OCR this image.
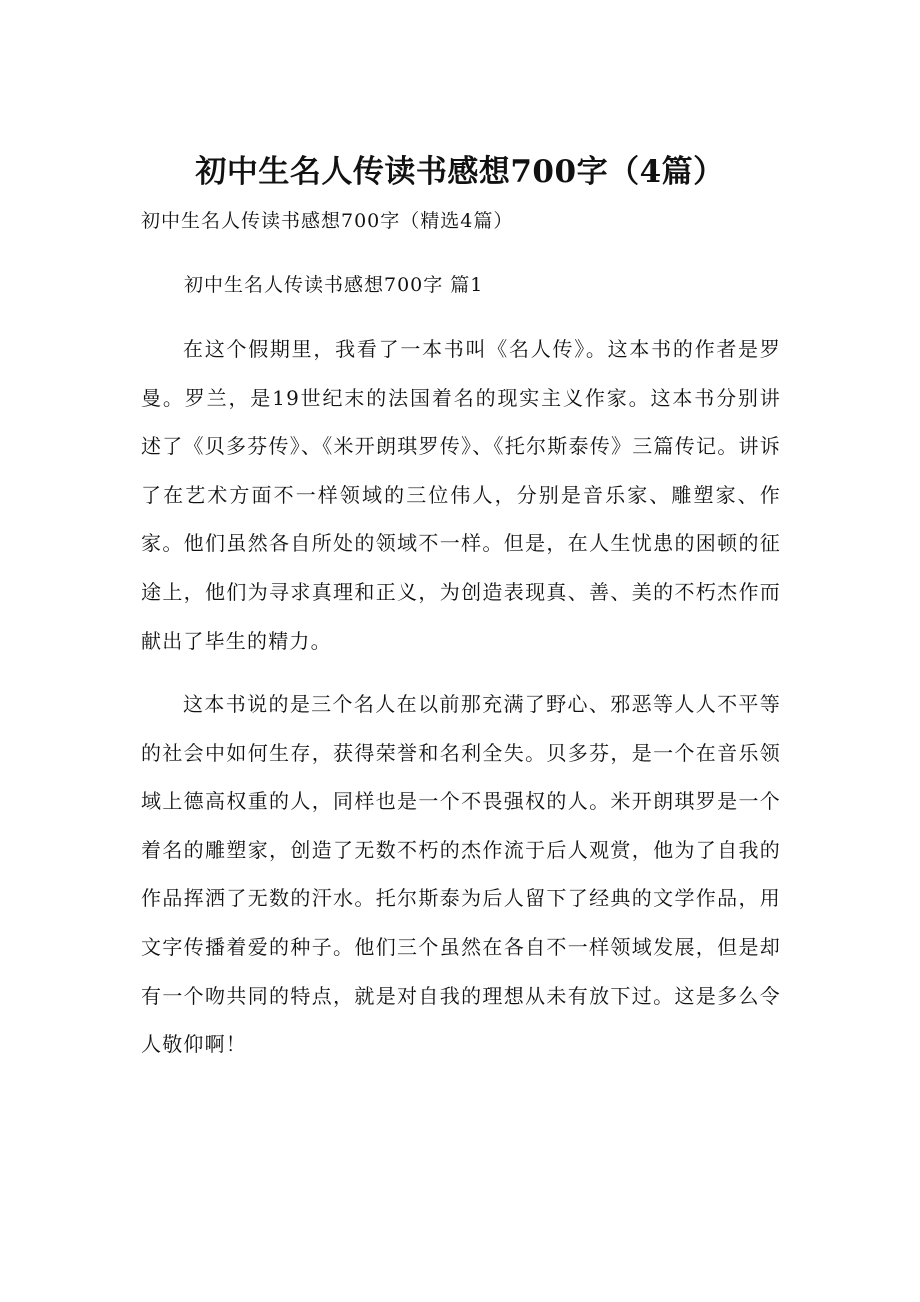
初中生名人传读书感想700字（4篇）
初中生名人传读书感想700字（精选4篇）
初中生名人传读书感想700字 篇1

在这个假期里，我看了一本书叫《名人传》。这本书的作者是罗曼。罗兰，是19世纪末的法国着名的现实主义作家。这本书分别讲述了《贝多芬传》、《米开朗琪罗传》、《托尔斯泰传》三篇传记。讲诉了在艺术方面不一样领域的三位伟人，分别是音乐家、雕塑家、作家。他们虽然各自所处的领域不一样。但是，在人生忧患的困顿的征途上，他们为寻求真理和正义，为创造表现真、善、美的不朽杰作而献出了毕生的精力。

这本书说的是三个名人在以前那充满了野心、邪恶等人人不平等的社会中如何生存，获得荣誉和名利全失。贝多芬，是一个在音乐领域上德高权重的人，同样也是一个不畏强权的人。米开朗琪罗是一个着名的雕塑家，创造了无数不朽的杰作流于后人观赏，他为了自我的作品挥洒了无数的汗水。托尔斯泰为后人留下了经典的文学作品，用文字传播着爱的种子。他们三个虽然在各自不一样领域发展，但是却有一个吻共同的特点，就是对自我的理想从未有放下过。这是多么令人敬仰啊！
